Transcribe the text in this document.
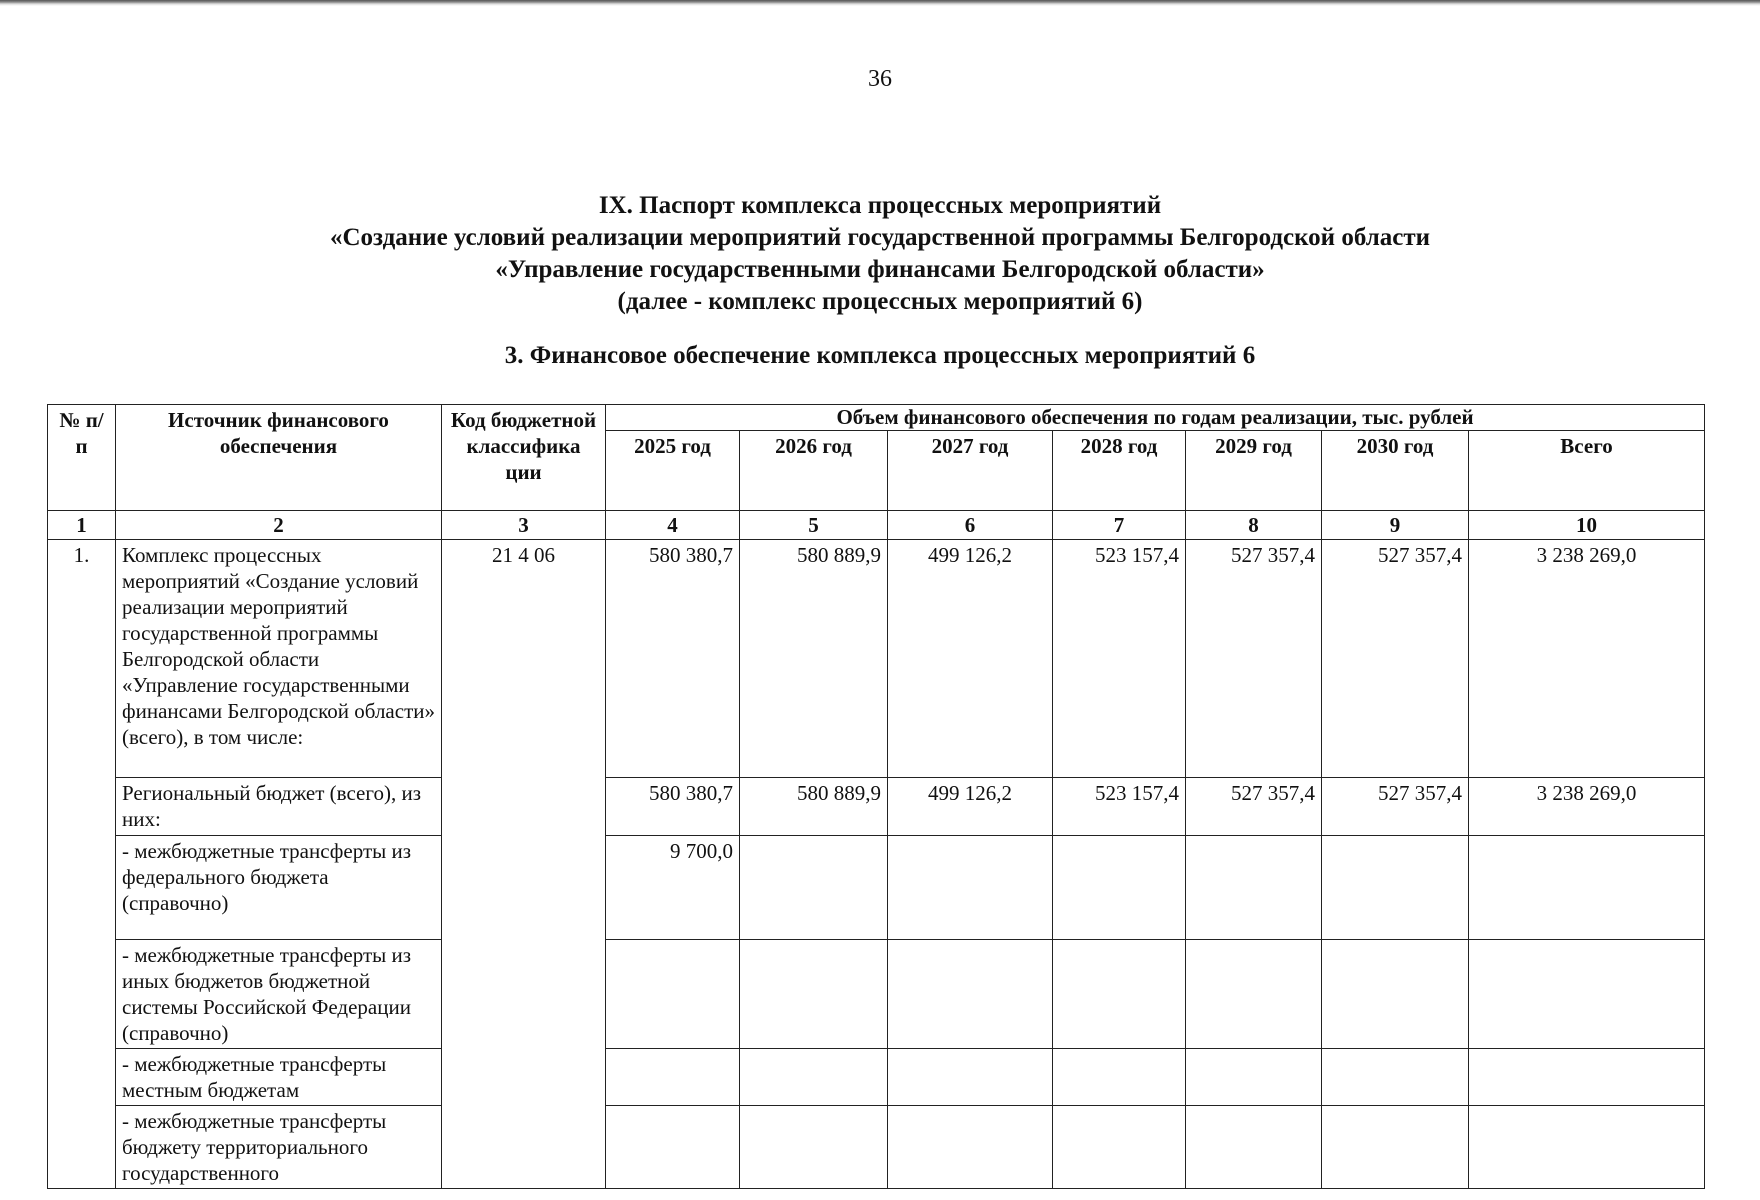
36
IX. Паспорт комплекса процессных мероприятий
«Создание условий реализации мероприятий государственной программы Белгородской области
«Управление государственными финансами Белгородской области»
(далее - комплекс процессных мероприятий 6)
3. Финансовое обеспечение комплекса процессных мероприятий 6
№ п/п	Источник финансового обеспечения	Код бюджетной классифика ции	Объем финансового обеспечения по годам реализации, тыс. рублей						
			2025 год	2026 год	2027 год	2028 год	2029 год	2030 год	Всего
1	2	3	4	5	6	7	8	9	10
1.	Комплекс процессных мероприятий «Создание условий реализации мероприятий государственной программы Белгородской области «Управление государственными финансами Белгородской области» (всего), в том числе:	21 4 06	580 380,7	580 889,9	499 126,2	523 157,4	527 357,4	527 357,4	3 238 269,0
	Региональный бюджет (всего), из них:		580 380,7	580 889,9	499 126,2	523 157,4	527 357,4	527 357,4	3 238 269,0
	- межбюджетные трансферты из федерального бюджета (справочно)		9 700,0						
	- межбюджетные трансферты из иных бюджетов бюджетной системы Российской Федерации (справочно)								
	- межбюджетные трансферты местным бюджетам								
	- межбюджетные трансферты бюджету территориального государственного								
